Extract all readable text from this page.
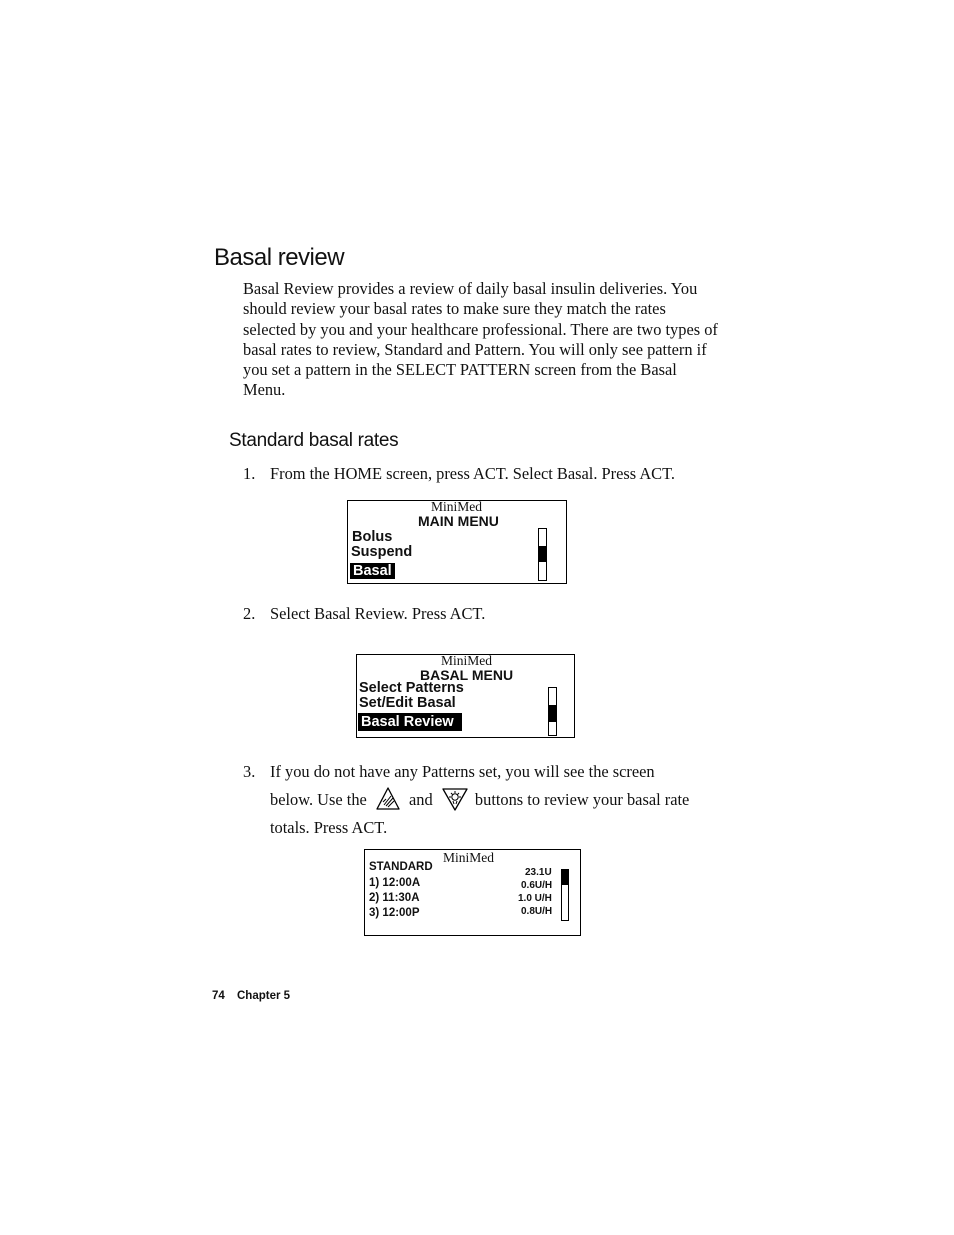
Basal review

Basal Review provides a review of daily basal insulin deliveries. You should review your basal rates to make sure they match the rates selected by you and your healthcare professional. There are two types of basal rates to review, Standard and Pattern. You will only see pattern if you set a pattern in the SELECT PATTERN screen from the Basal Menu.

Standard basal rates
1. From the HOME screen, press ACT. Select Basal. Press ACT.
MiniMed
MAIN MENU
Bolus
Suspend
Basal
2. Select Basal Review. Press ACT.
MiniMed
BASAL MENU
Select Patterns
Set/Edit Basal
Basal Review
3. If you do not have any Patterns set, you will see the screen
below. Use the	and	buttons to review your basal rate
totals. Press ACT.
MiniMed
STANDARD
1) 12:00A
2) 11:30A
3) 12:00P
23.1U
0.6U/H
1.0 U/H
0.8U/H
74 Chapter 5
